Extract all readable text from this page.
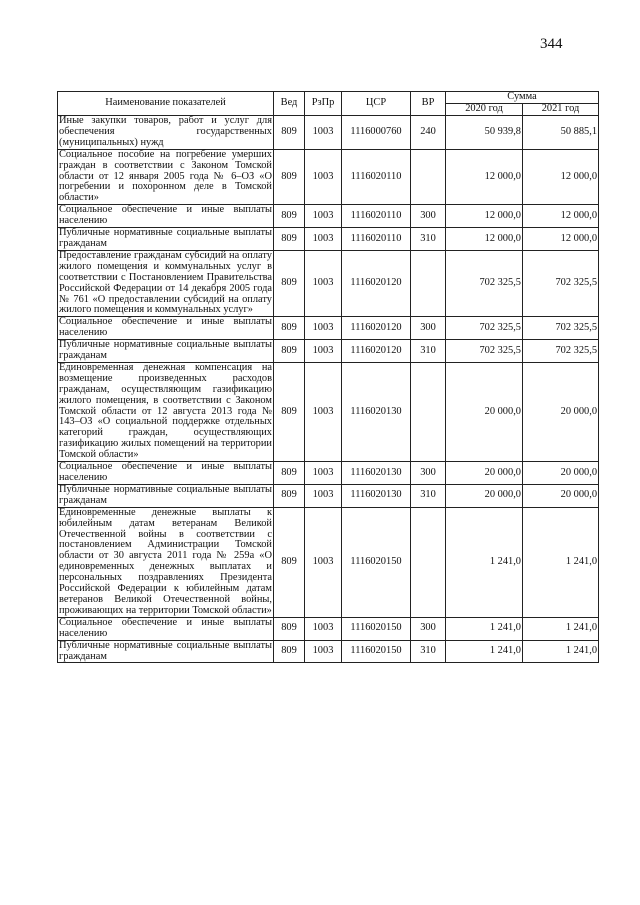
344
Наименование показателей	Вед	РзПр	ЦСР	ВР	Сумма	
					2020 год	2021 год
Иные закупки товаров, работ и услуг для обеспечения государственных (муниципальных) нужд	809	1003	1116000760	240	50 939,8	50 885,1
Социальное пособие на погребение умерших граждан в соответствии с Законом Томской области от 12 января 2005 года № 6–ОЗ «О погребении и похоронном деле в Томской области»	809	1003	1116020110		12 000,0	12 000,0
Социальное обеспечение и иные выплаты населению	809	1003	1116020110	300	12 000,0	12 000,0
Публичные нормативные социальные выплаты гражданам	809	1003	1116020110	310	12 000,0	12 000,0
Предоставление гражданам субсидий на оплату жилого помещения и коммунальных услуг в соответствии с Постановлением Правительства Российской Федерации от 14 декабря 2005 года № 761 «О предоставлении субсидий на оплату жилого помещения и коммунальных услуг»	809	1003	1116020120		702 325,5	702 325,5
Социальное обеспечение и иные выплаты населению	809	1003	1116020120	300	702 325,5	702 325,5
Публичные нормативные социальные выплаты гражданам	809	1003	1116020120	310	702 325,5	702 325,5
Единовременная денежная компенсация на возмещение произведенных расходов гражданам, осуществляющим газификацию жилого помещения, в соответствии с Законом Томской области от 12 августа 2013 года № 143–ОЗ «О социальной поддержке отдельных категорий граждан, осуществляющих газификацию жилых помещений на территории Томской области»	809	1003	1116020130		20 000,0	20 000,0
Социальное обеспечение и иные выплаты населению	809	1003	1116020130	300	20 000,0	20 000,0
Публичные нормативные социальные выплаты гражданам	809	1003	1116020130	310	20 000,0	20 000,0
Единовременные денежные выплаты к юбилейным датам ветеранам Великой Отечественной войны в соответствии с постановлением Администрации Томской области от 30 августа 2011 года № 259а «О единовременных денежных выплатах и персональных поздравлениях Президента Российской Федерации к юбилейным датам ветеранов Великой Отечественной войны, проживающих на территории Томской области»	809	1003	1116020150		1 241,0	1 241,0
Социальное обеспечение и иные выплаты населению	809	1003	1116020150	300	1 241,0	1 241,0
Публичные нормативные социальные выплаты гражданам	809	1003	1116020150	310	1 241,0	1 241,0
